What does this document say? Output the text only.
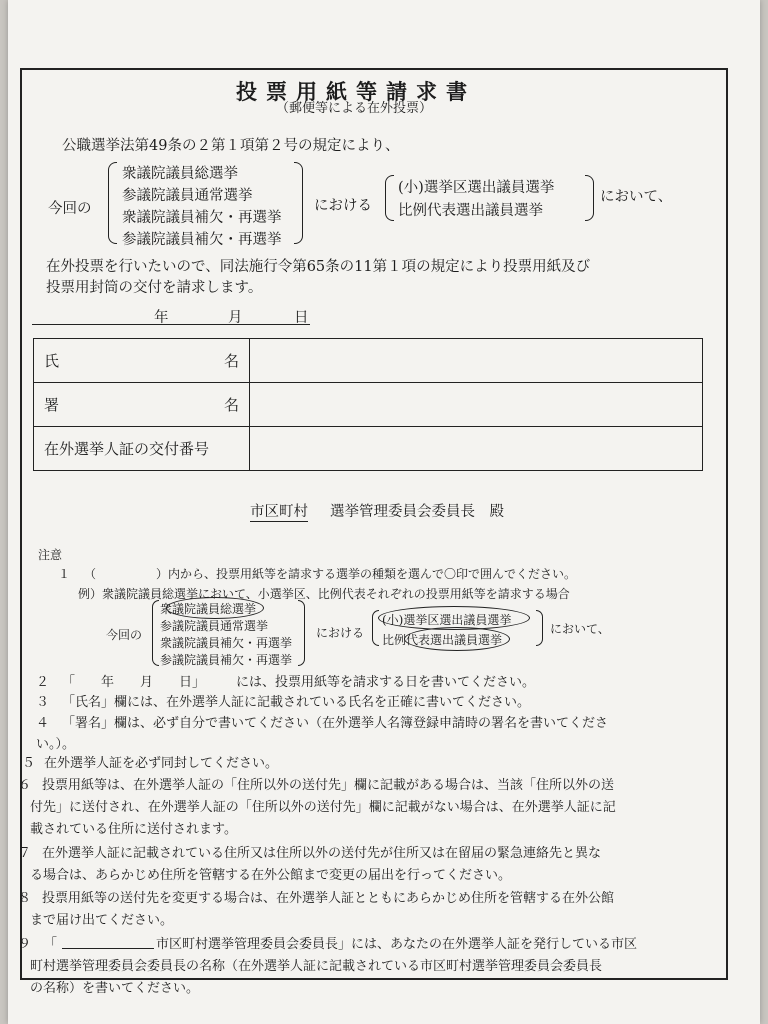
投票用紙等請求書
（郵便等による在外投票）
公職選挙法第49条の２第１項第２号の規定により、
今回の
衆議院議員総選挙
参議院議員通常選挙
衆議院議員補欠・再選挙
参議院議員補欠・再選挙
における
(小)選挙区選出議員選挙
比例代表選出議員選挙
において、
在外投票を行いたいので、同法施行令第65条の11第１項の規定により投票用紙及び
投票用封筒の交付を請求します。
年	月	日
氏 名	

署 名	

在外選挙人証の交付番号	
市区町村 選挙管理委員会委員長　殿
注意
１ （　　　　　）内から、投票用紙等を請求する選挙の種類を選んで〇印で囲んでください。
例）衆議院議員総選挙において、小選挙区、比例代表それぞれの投票用紙等を請求する場合
今回の
衆議院議員総選挙
参議院議員通常選挙
衆議院議員補欠・再選挙
参議院議員補欠・再選挙
における
(小)選挙区選出議員選挙
比例代表選出議員選挙
において、
２ 「　　年　　月　　日」 には、投票用紙等を請求する日を書いてください。
３ 「氏名」欄には、在外選挙人証に記載されている氏名を正確に書いてください。
４ 「署名」欄は、必ず自分で書いてください（在外選挙人名簿登録申請時の署名を書いてくださ
い。）。
５ 在外選挙人証を必ず同封してください。
６ 投票用紙等は、在外選挙人証の「住所以外の送付先」欄に記載がある場合は、当該「住所以外の送
付先」に送付され、在外選挙人証の「住所以外の送付先」欄に記載がない場合は、在外選挙人証に記
載されている住所に送付されます。
７ 在外選挙人証に記載されている住所又は住所以外の送付先が住所又は在留届の緊急連絡先と異な
る場合は、あらかじめ住所を管轄する在外公館まで変更の届出を行ってください。
８ 投票用紙等の送付先を変更する場合は、在外選挙人証とともにあらかじめ住所を管轄する在外公館
まで届け出てください。
９ 「	市区町村選挙管理委員会委員長」には、あなたの在外選挙人証を発行している市区
町村選挙管理委員会委員長の名称（在外選挙人証に記載されている市区町村選挙管理委員会委員長
の名称）を書いてください。
